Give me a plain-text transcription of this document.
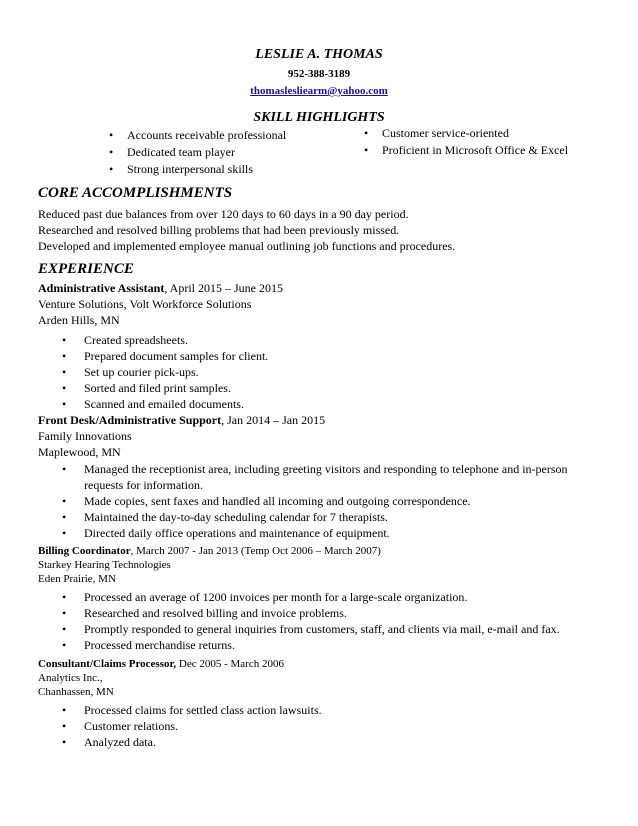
LESLIE A. THOMAS
952-388-3189
thomaslesliearm@yahoo.com
SKILL HIGHLIGHTS
• Accounts receivable professional
• Dedicated team player
• Strong interpersonal skills
• Customer service-oriented
• Proficient in Microsoft Office & Excel
CORE ACCOMPLISHMENTS
Reduced past due balances from over 120 days to 60 days in a 90 day period.
Researched and resolved billing problems that had been previously missed.
Developed and implemented employee manual outlining job functions and procedures.
EXPERIENCE
Administrative Assistant, April 2015 – June 2015
Venture Solutions, Volt Workforce Solutions
Arden Hills, MN
• Created spreadsheets.
• Prepared document samples for client.
• Set up courier pick-ups.
• Sorted and filed print samples.
• Scanned and emailed documents.
Front Desk/Administrative Support, Jan 2014 – Jan 2015
Family Innovations
Maplewood, MN
• Managed the receptionist area, including greeting visitors and responding to telephone and in-person requests for information.
• Made copies, sent faxes and handled all incoming and outgoing correspondence.
• Maintained the day-to-day scheduling calendar for 7 therapists.
• Directed daily office operations and maintenance of equipment.
Billing Coordinator, March 2007 - Jan 2013 (Temp Oct 2006 – March 2007)
Starkey Hearing Technologies
Eden Prairie, MN
• Processed an average of 1200 invoices per month for a large-scale organization.
• Researched and resolved billing and invoice problems.
• Promptly responded to general inquiries from customers, staff, and clients via mail, e-mail and fax.
• Processed merchandise returns.
Consultant/Claims Processor, Dec 2005 - March 2006
Analytics Inc.,
Chanhassen, MN
• Processed claims for settled class action lawsuits.
• Customer relations.
• Analyzed data.
